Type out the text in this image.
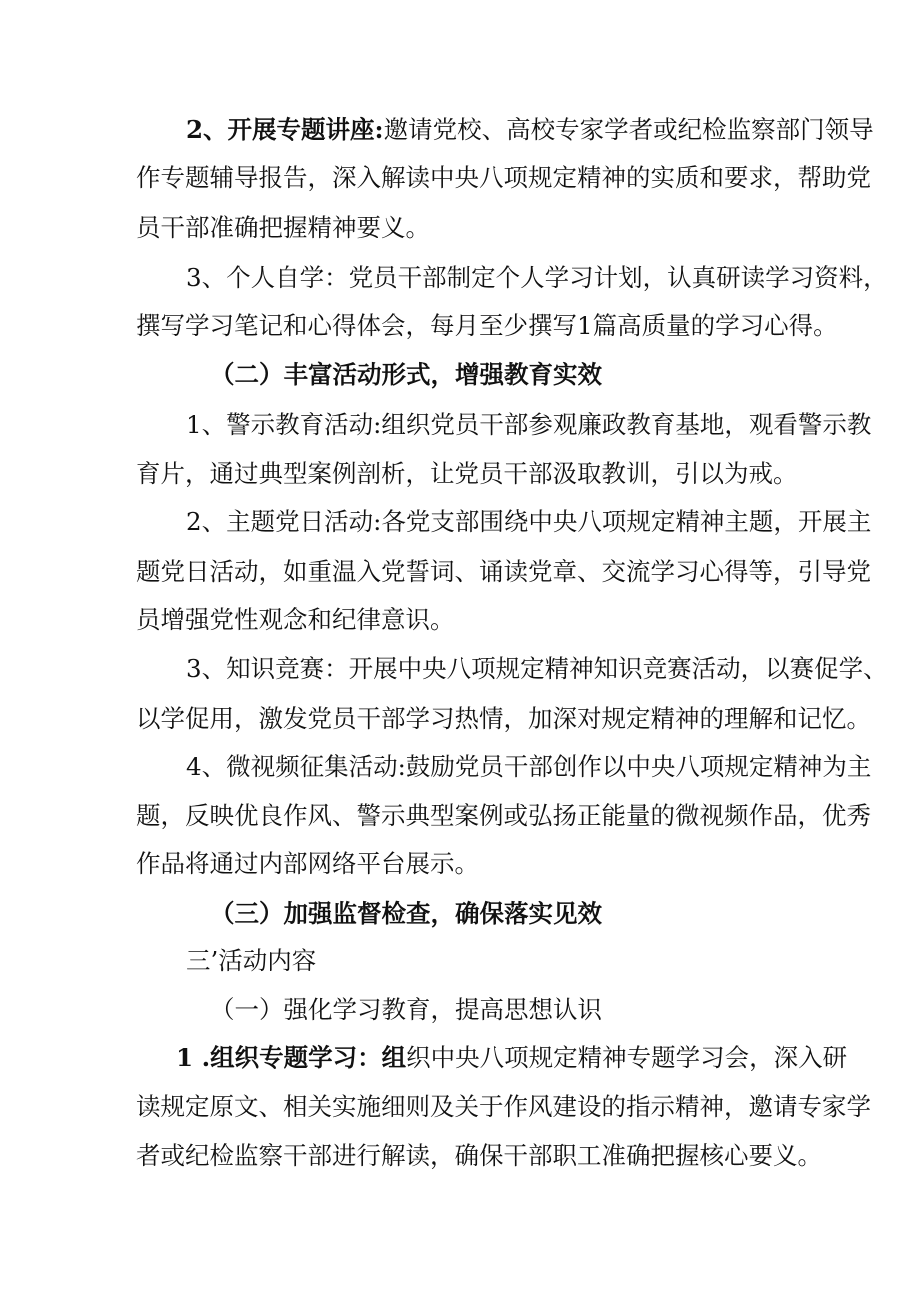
2、开展专题讲座:邀请党校、高校专家学者或纪检监察部门领导
作专题辅导报告，深入解读中央八项规定精神的实质和要求，帮助党
员干部准确把握精神要义。
3、个人自学：党员干部制定个人学习计划，认真研读学习资料，
撰写学习笔记和心得体会，每月至少撰写1篇高质量的学习心得。
（二）丰富活动形式，增强教育实效
1、警示教育活动:组织党员干部参观廉政教育基地，观看警示教
育片，通过典型案例剖析，让党员干部汲取教训，引以为戒。
2、主题党日活动:各党支部围绕中央八项规定精神主题，开展主
题党日活动，如重温入党誓词、诵读党章、交流学习心得等，引导党
员增强党性观念和纪律意识。
3、知识竞赛：开展中央八项规定精神知识竞赛活动，以赛促学、
以学促用，激发党员干部学习热情，加深对规定精神的理解和记忆。
4、微视频征集活动:鼓励党员干部创作以中央八项规定精神为主
题，反映优良作风、警示典型案例或弘扬正能量的微视频作品，优秀
作品将通过内部网络平台展示。
（三）加强监督检查，确保落实见效
三’活动内容
（一）强化学习教育，提高思想认识
1 .组织专题学习：组织中央八项规定精神专题学习会，深入研
读规定原文、相关实施细则及关于作风建设的指示精神，邀请专家学
者或纪检监察干部进行解读，确保干部职工准确把握核心要义。
